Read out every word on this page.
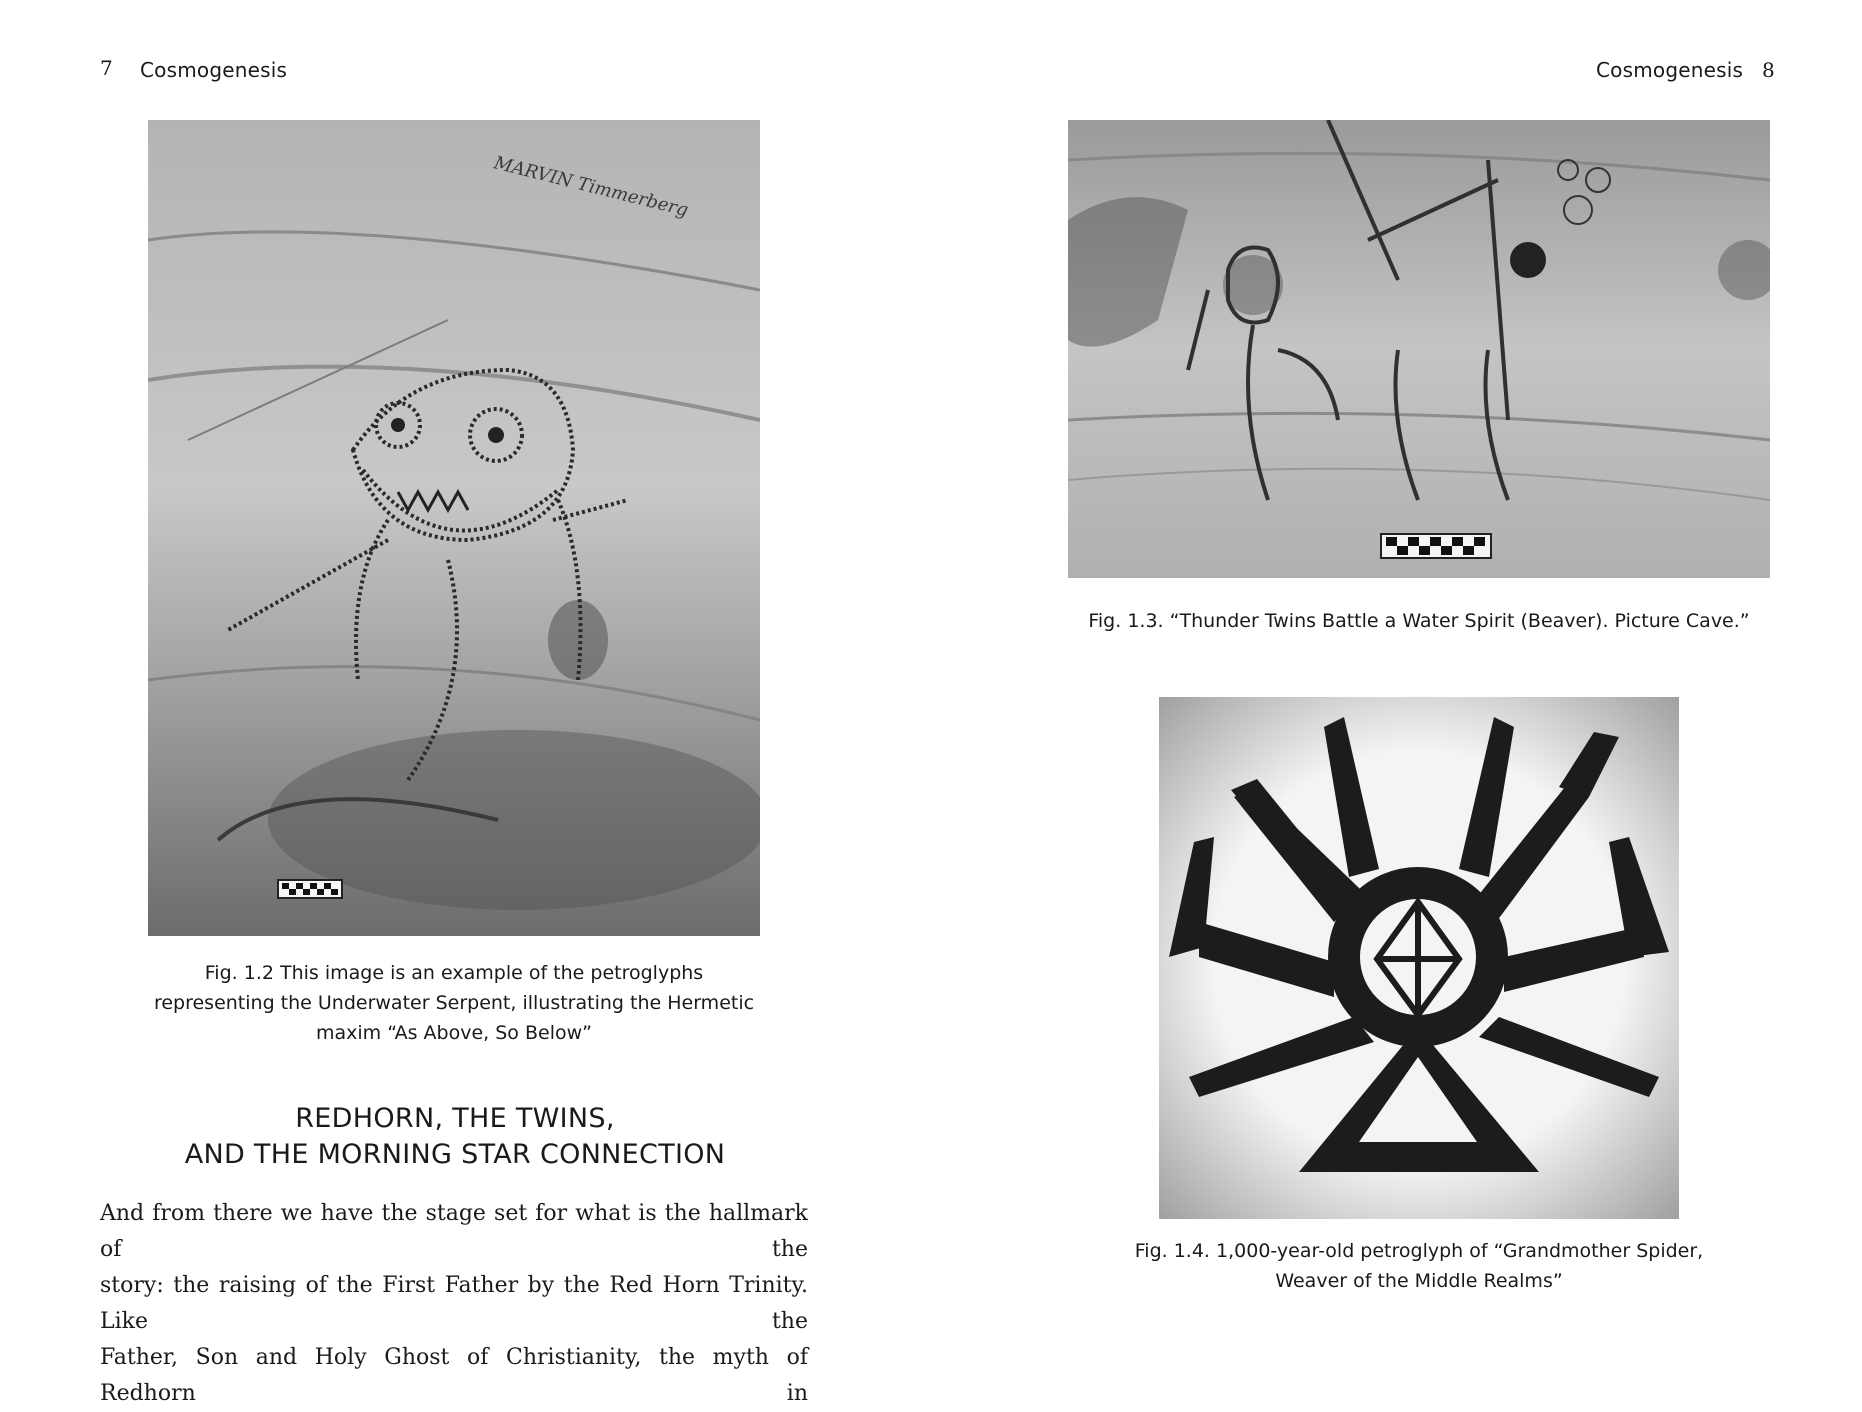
7 Cosmogenesis
MARVIN Timmerberg
Fig. 1.2 This image is an example of the petroglyphs
representing the Underwater Serpent, illustrating the Hermetic
maxim “As Above, So Below”
REDHORN, THE TWINS,
AND THE MORNING STAR CONNECTION
And from there we have the stage set for what is the hallmark of the
story: the raising of the First Father by the Red Horn Trinity. Like the
Father, Son and Holy Ghost of Christianity, the myth of Redhorn in
Cosmogenesis 8
Fig. 1.3. “Thunder Twins Battle a Water Spirit (Beaver). Picture Cave.”
Fig. 1.4. 1,000-year-old petroglyph of “Grandmother Spider,
Weaver of the Middle Realms”
